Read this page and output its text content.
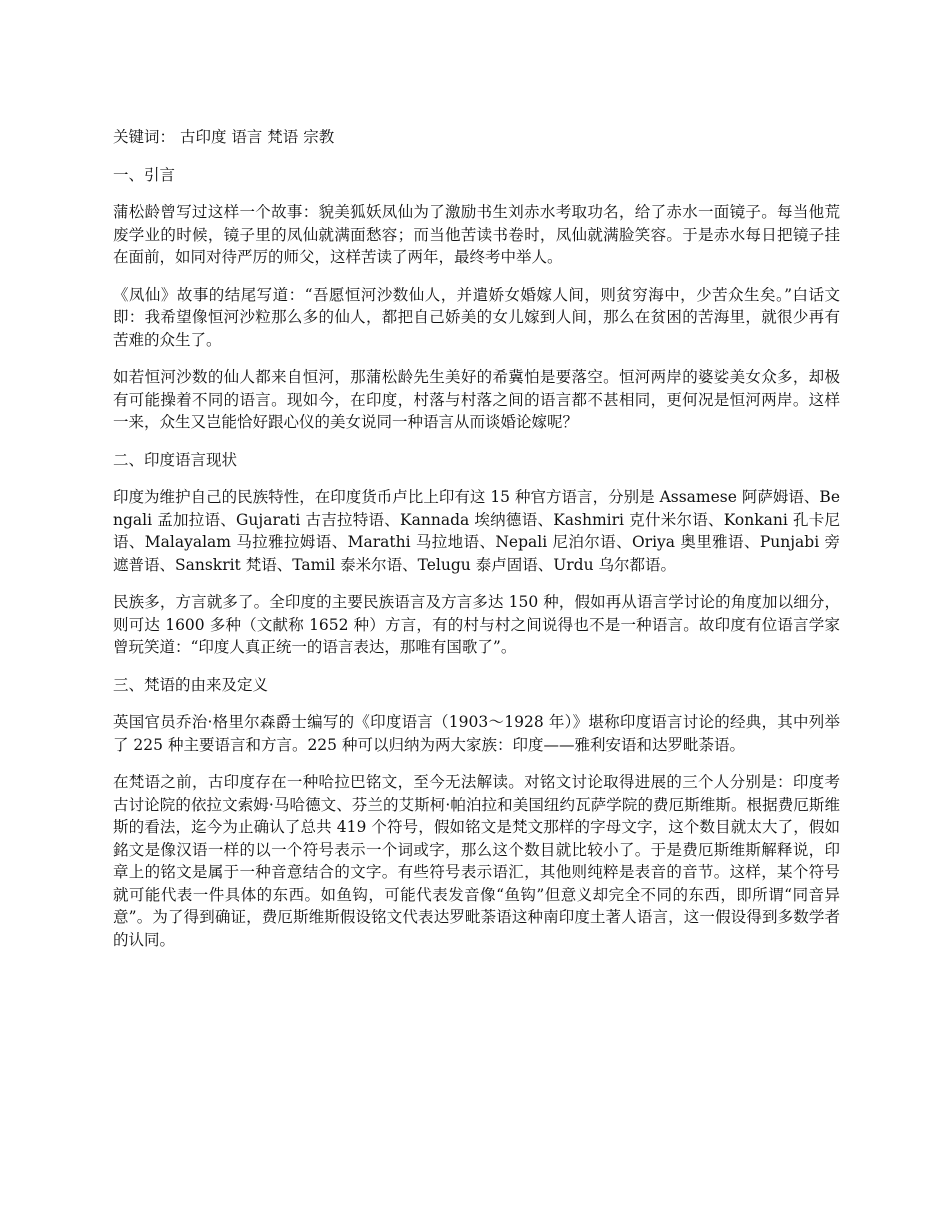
关键词： 古印度 语言 梵语 宗教

一、引言

蒲松龄曾写过这样一个故事：貌美狐妖凤仙为了激励书生刘赤水考取功名，给了赤水一面镜子。每当他荒废学业的时候，镜子里的凤仙就满面愁容；而当他苦读书卷时，凤仙就满脸笑容。于是赤水每日把镜子挂在面前，如同对待严厉的师父，这样苦读了两年，最终考中举人。

《凤仙》故事的结尾写道：“吾愿恒河沙数仙人，并遣娇女婚嫁人间，则贫穷海中，少苦众生矣。”白话文即：我希望像恒河沙粒那么多的仙人，都把自己娇美的女儿嫁到人间，那么在贫困的苦海里，就很少再有苦难的众生了。

如若恒河沙数的仙人都来自恒河，那蒲松龄先生美好的希冀怕是要落空。恒河两岸的婆娑美女众多，却极有可能操着不同的语言。现如今，在印度，村落与村落之间的语言都不甚相同，更何况是恒河两岸。这样一来，众生又岂能恰好跟心仪的美女说同一种语言从而谈婚论嫁呢？

二、印度语言现状

印度为维护自己的民族特性，在印度货币卢比上印有这 15 种官方语言，分别是 Assamese 阿萨姆语、Bengali 孟加拉语、Gujarati 古吉拉特语、Kannada 埃纳德语、Kashmiri 克什米尔语、Konkani 孔卡尼语、Malayalam 马拉雅拉姆语、Marathi 马拉地语、Nepali 尼泊尔语、Oriya 奥里雅语、Punjabi 旁遮普语、Sanskrit 梵语、Tamil 泰米尔语、Telugu 泰卢固语、Urdu 乌尔都语。

民族多，方言就多了。全印度的主要民族语言及方言多达 150 种，假如再从语言学讨论的角度加以细分，则可达 1600 多种（文献称 1652 种）方言，有的村与村之间说得也不是一种语言。故印度有位语言学家曾玩笑道：“印度人真正统一的语言表达，那唯有国歌了”。

三、梵语的由来及定义

英国官员乔治·格里尔森爵士编写的《印度语言（1903～1928 年）》堪称印度语言讨论的经典，其中列举了 225 种主要语言和方言。225 种可以归纳为两大家族：印度——雅利安语和达罗毗荼语。

在梵语之前，古印度存在一种哈拉巴铭文，至今无法解读。对铭文讨论取得进展的三个人分别是：印度考古讨论院的依拉文索姆·马哈德文、芬兰的艾斯柯·帕泊拉和美国纽约瓦萨学院的费厄斯维斯。根据费厄斯维斯的看法，迄今为止确认了总共 419 个符号，假如铭文是梵文那样的字母文字，这个数目就太大了，假如銘文是像汉语一样的以一个符号表示一个词或字，那么这个数目就比较小了。于是费厄斯维斯解释说，印章上的铭文是属于一种音意结合的文字。有些符号表示语汇，其他则纯粹是表音的音节。这样，某个符号就可能代表一件具体的东西。如鱼钩，可能代表发音像“鱼钩”但意义却完全不同的东西，即所谓“同音异意”。为了得到确证，费厄斯维斯假设铭文代表达罗毗荼语这种南印度土著人语言，这一假设得到多数学者的认同。
